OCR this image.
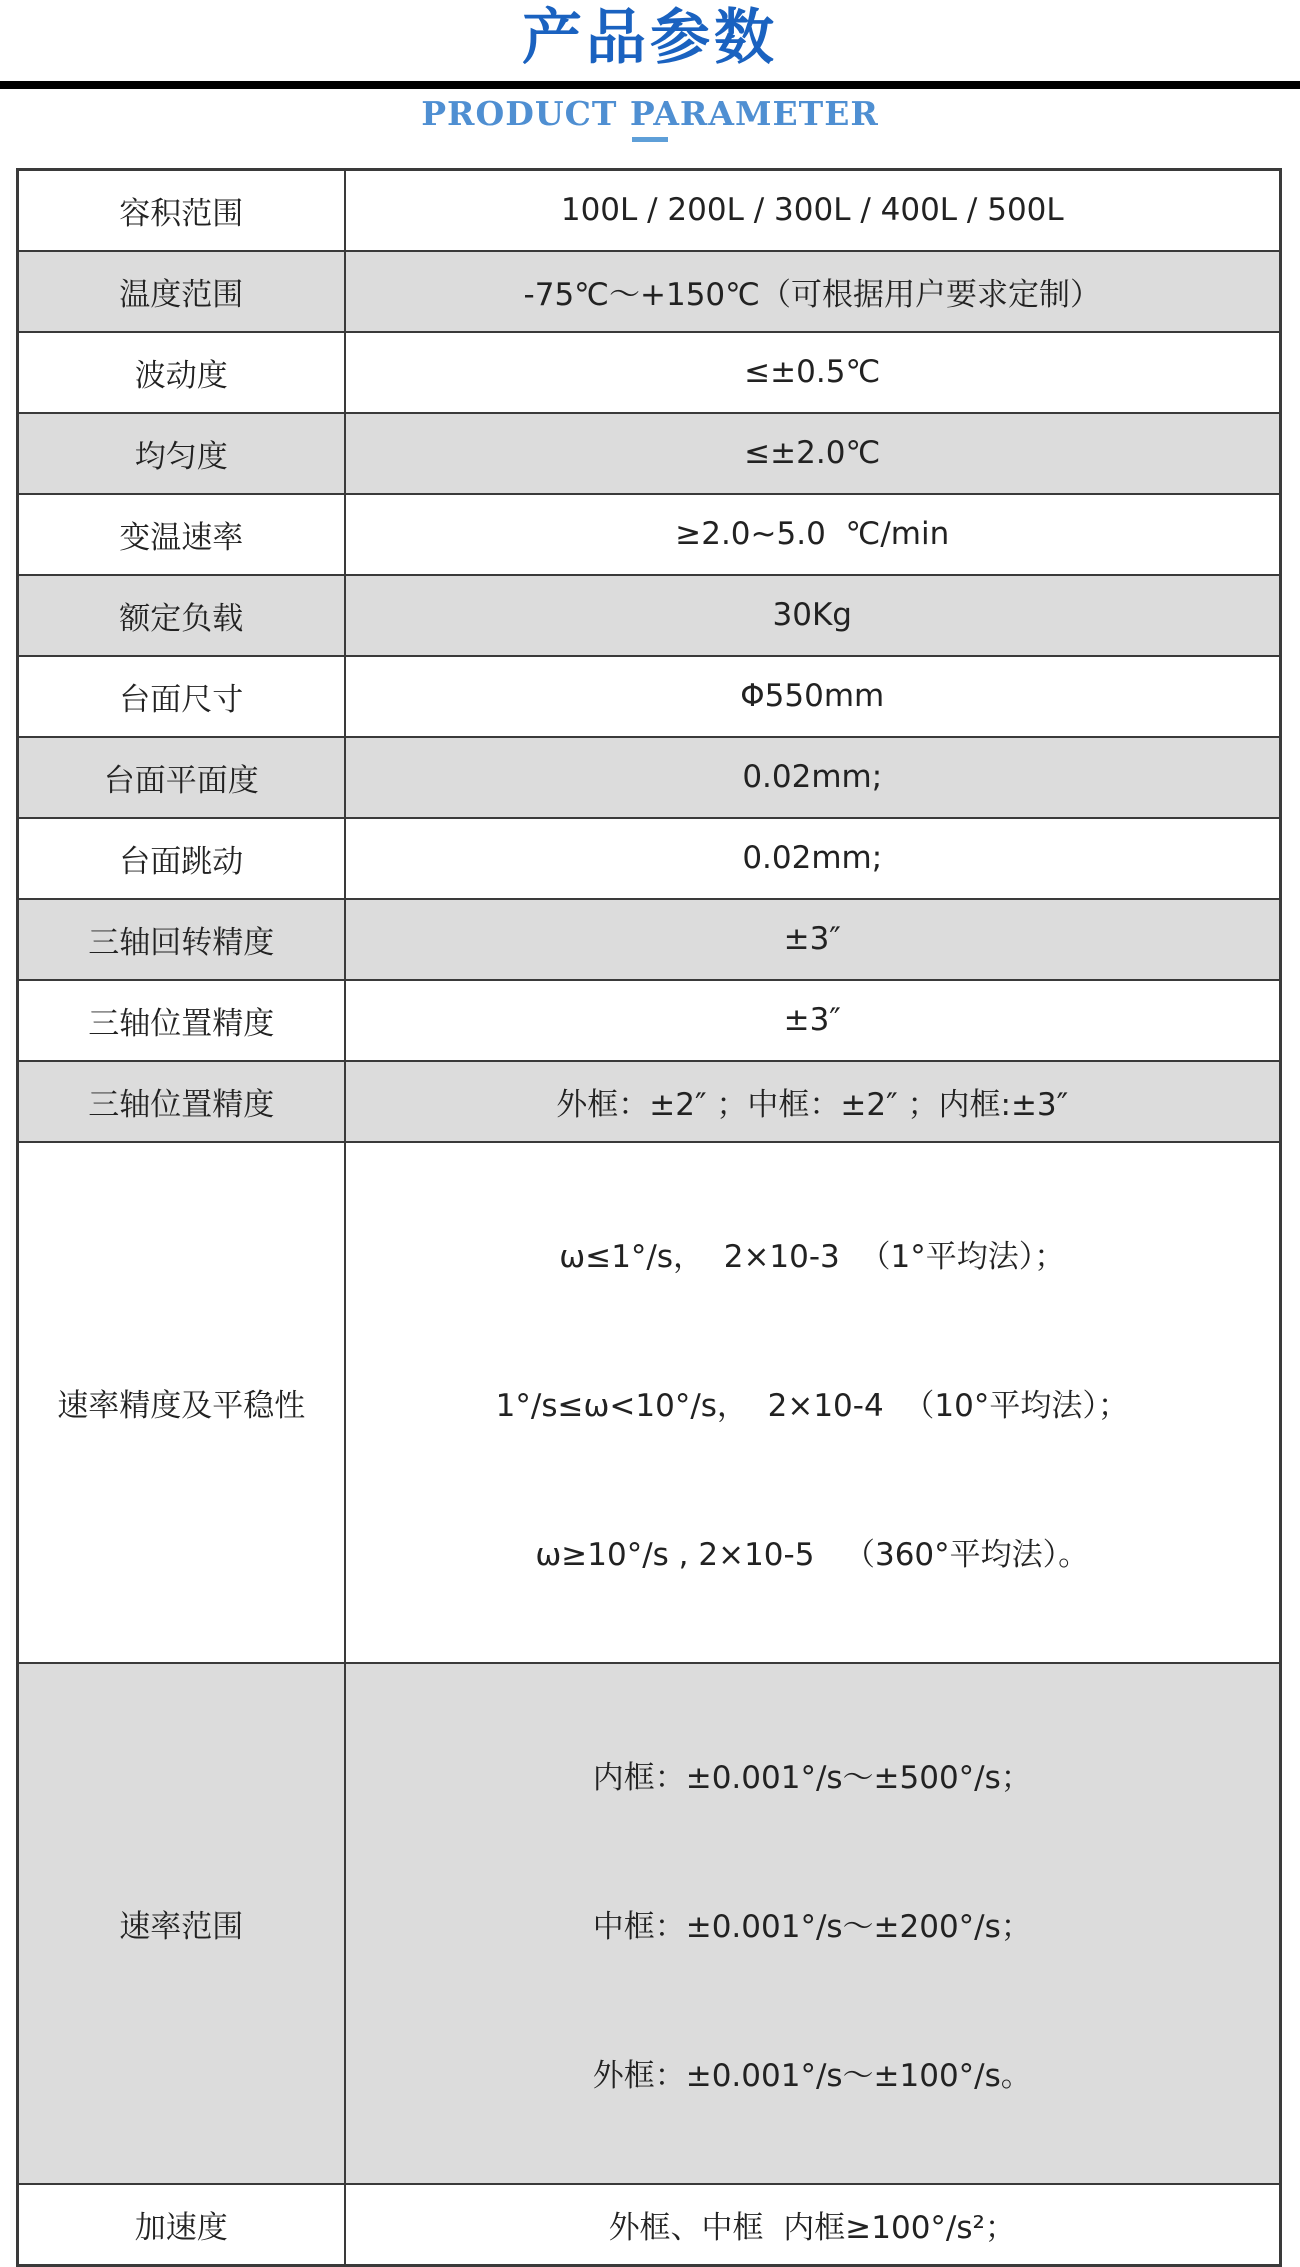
产品参数
PRODUCT PARAMETER
容积范围	100L / 200L / 300L / 400L / 500L

温度范围	-75℃～+150℃（可根据用户要求定制）

波动度	≤±0.5℃

均匀度	≤±2.0℃

变温速率	≥2.0~5.0  ℃/min

额定负载	30Kg

台面尺寸	Φ550mm

台面平面度	0.02mm;

台面跳动	0.02mm;

三轴回转精度	±3″

三轴位置精度	±3″

三轴位置精度	外框：±2″ ；中框：±2″ ；内框:±3″

速率精度及平稳性	ω≤1°/s，  2×10-3  （1°平均法）；

1°/s≤ω<10°/s，  2×10-4  （10°平均法）；

ω≥10°/s , 2×10-5   （360°平均法）。

速率范围	内框：±0.001°/s～±500°/s；

中框：±0.001°/s～±200°/s；

外框：±0.001°/s～±100°/s。

加速度	外框、中框  内框≥100°/s²；
